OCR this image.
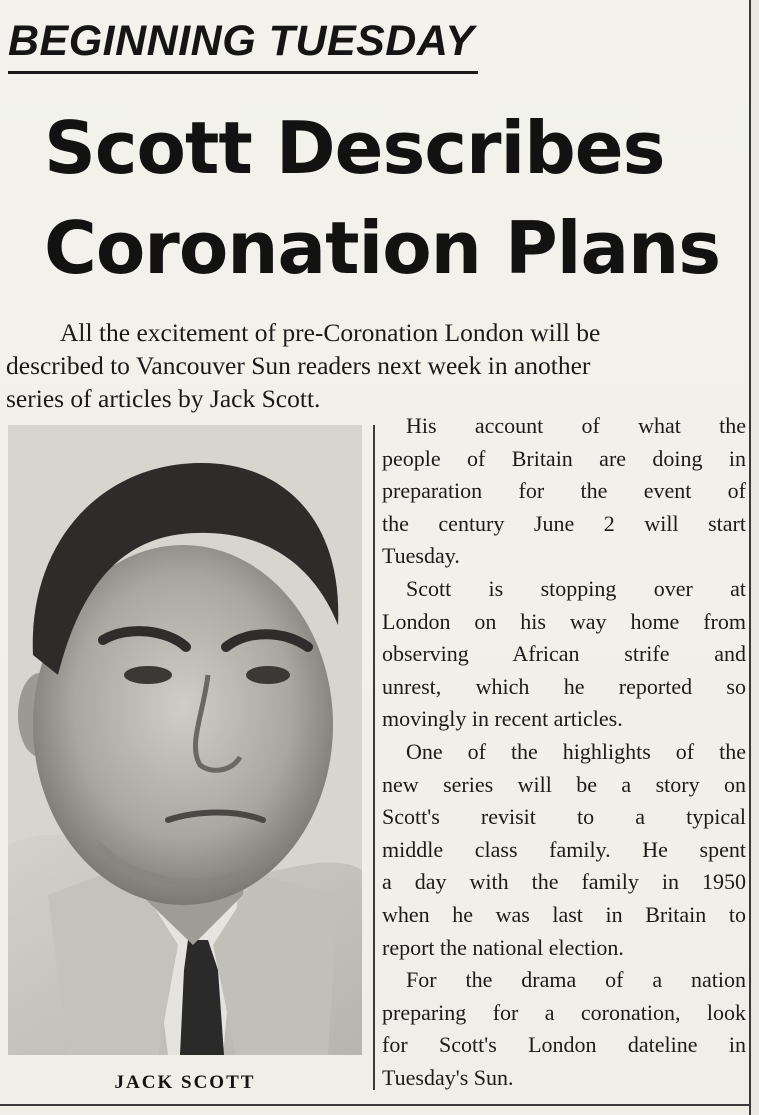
BEGINNING TUESDAY
Scott Describes
Coronation Plans
All the excitement of pre-Coronation London will be
described to Vancouver Sun readers next week in another
series of articles by Jack Scott.
JACK SCOTT
His account of what the
people of Britain are doing in
preparation for the event of
the century June 2 will start
Tuesday.
Scott is stopping over at
London on his way home from
observing African strife and
unrest, which he reported so
movingly in recent articles.
One of the highlights of the
new series will be a story on
Scott's revisit to a typical
middle class family. He spent
a day with the family in 1950
when he was last in Britain to
report the national election.
For the drama of a nation
preparing for a coronation, look
for Scott's London dateline in
Tuesday's Sun.
